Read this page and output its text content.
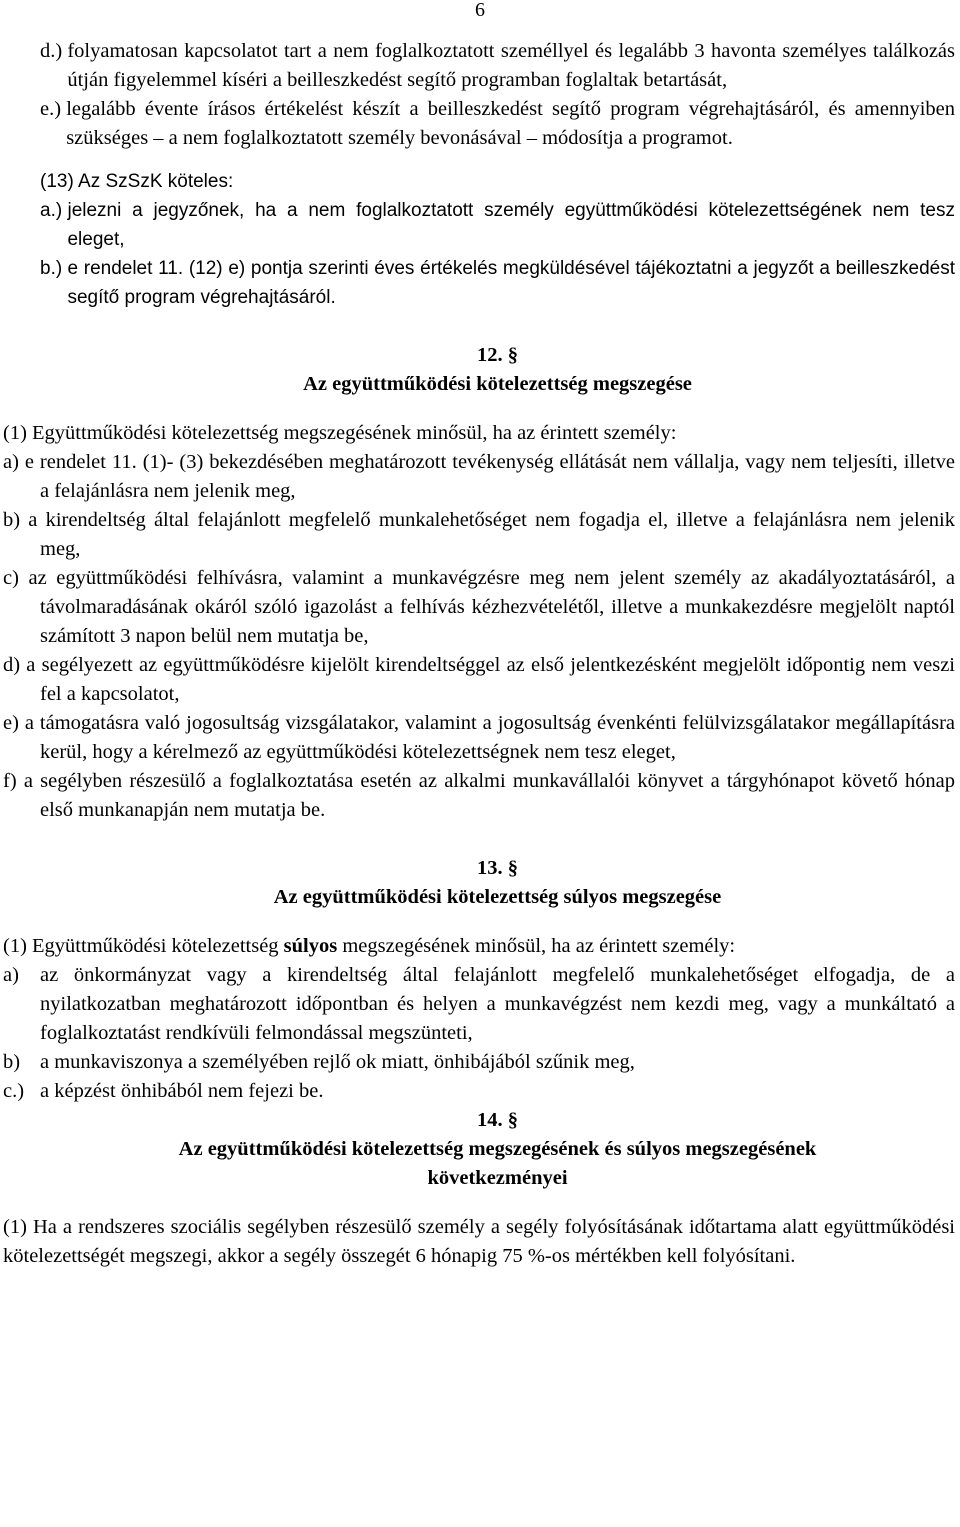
6
d.)
folyamatosan kapcsolatot tart a nem foglalkoztatott személlyel és legalább 3 havonta személyes találkozás útján figyelemmel kíséri a beilleszkedést segítő programban foglaltak betartását,
e.)
legalább évente írásos értékelést készít a beilleszkedést segítő program végrehajtásáról, és amennyiben szükséges – a nem foglalkoztatott személy bevonásával – módosítja a programot.
(13) Az SzSzK köteles:
a.)
jelezni a jegyzőnek, ha a nem foglalkoztatott személy együttműködési kötelezettségének nem tesz eleget,
b.)
e rendelet 11. (12) e) pontja szerinti éves értékelés megküldésével tájékoztatni a jegyzőt a beilleszkedést segítő program végrehajtásáról.
12. §
Az együttműködési kötelezettség megszegése
(1) Együttműködési kötelezettség megszegésének minősül, ha az érintett személy:
a) e rendelet 11. (1)- (3) bekezdésében meghatározott tevékenység ellátását nem vállalja, vagy nem teljesíti, illetve a felajánlásra nem jelenik meg,
b) a kirendeltség által felajánlott megfelelő munkalehetőséget nem fogadja el, illetve a felajánlásra nem jelenik meg,
c) az együttműködési felhívásra, valamint a munkavégzésre meg nem jelent személy az akadályoztatásáról, a távolmaradásának okáról szóló igazolást a felhívás kézhezvételétől, illetve a munkakezdésre megjelölt naptól számított 3 napon belül nem mutatja be,
d) a segélyezett az együttműködésre kijelölt kirendeltséggel az első jelentkezésként megjelölt időpontig nem veszi fel a kapcsolatot,
e) a támogatásra való jogosultság vizsgálatakor, valamint a jogosultság évenkénti felülvizsgálatakor megállapításra kerül, hogy a kérelmező az együttműködési kötelezettségnek nem tesz eleget,
f) a segélyben részesülő a foglalkoztatása esetén az alkalmi munkavállalói könyvet a tárgyhónapot követő hónap első munkanapján nem mutatja be.
13. §
Az együttműködési kötelezettség súlyos megszegése
(1) Együttműködési kötelezettség súlyos megszegésének minősül, ha az érintett személy:
a)	az önkormányzat vagy a kirendeltség által felajánlott megfelelő munkalehetőséget elfogadja, de a nyilatkozatban meghatározott időpontban és helyen a munkavégzést nem kezdi meg, vagy a munkáltató a foglalkoztatást rendkívüli felmondással megszünteti,
b) a munkaviszonya a személyében rejlő ok miatt, önhibájából szűnik meg,
c.) a képzést önhibából nem fejezi be.
14. §
Az együttműködési kötelezettség megszegésének és súlyos megszegésének
következményei
(1) Ha a rendszeres szociális segélyben részesülő személy a segély folyósításának időtartama alatt együttműködési kötelezettségét megszegi, akkor a segély összegét 6 hónapig 75 %-os mértékben kell folyósítani.
